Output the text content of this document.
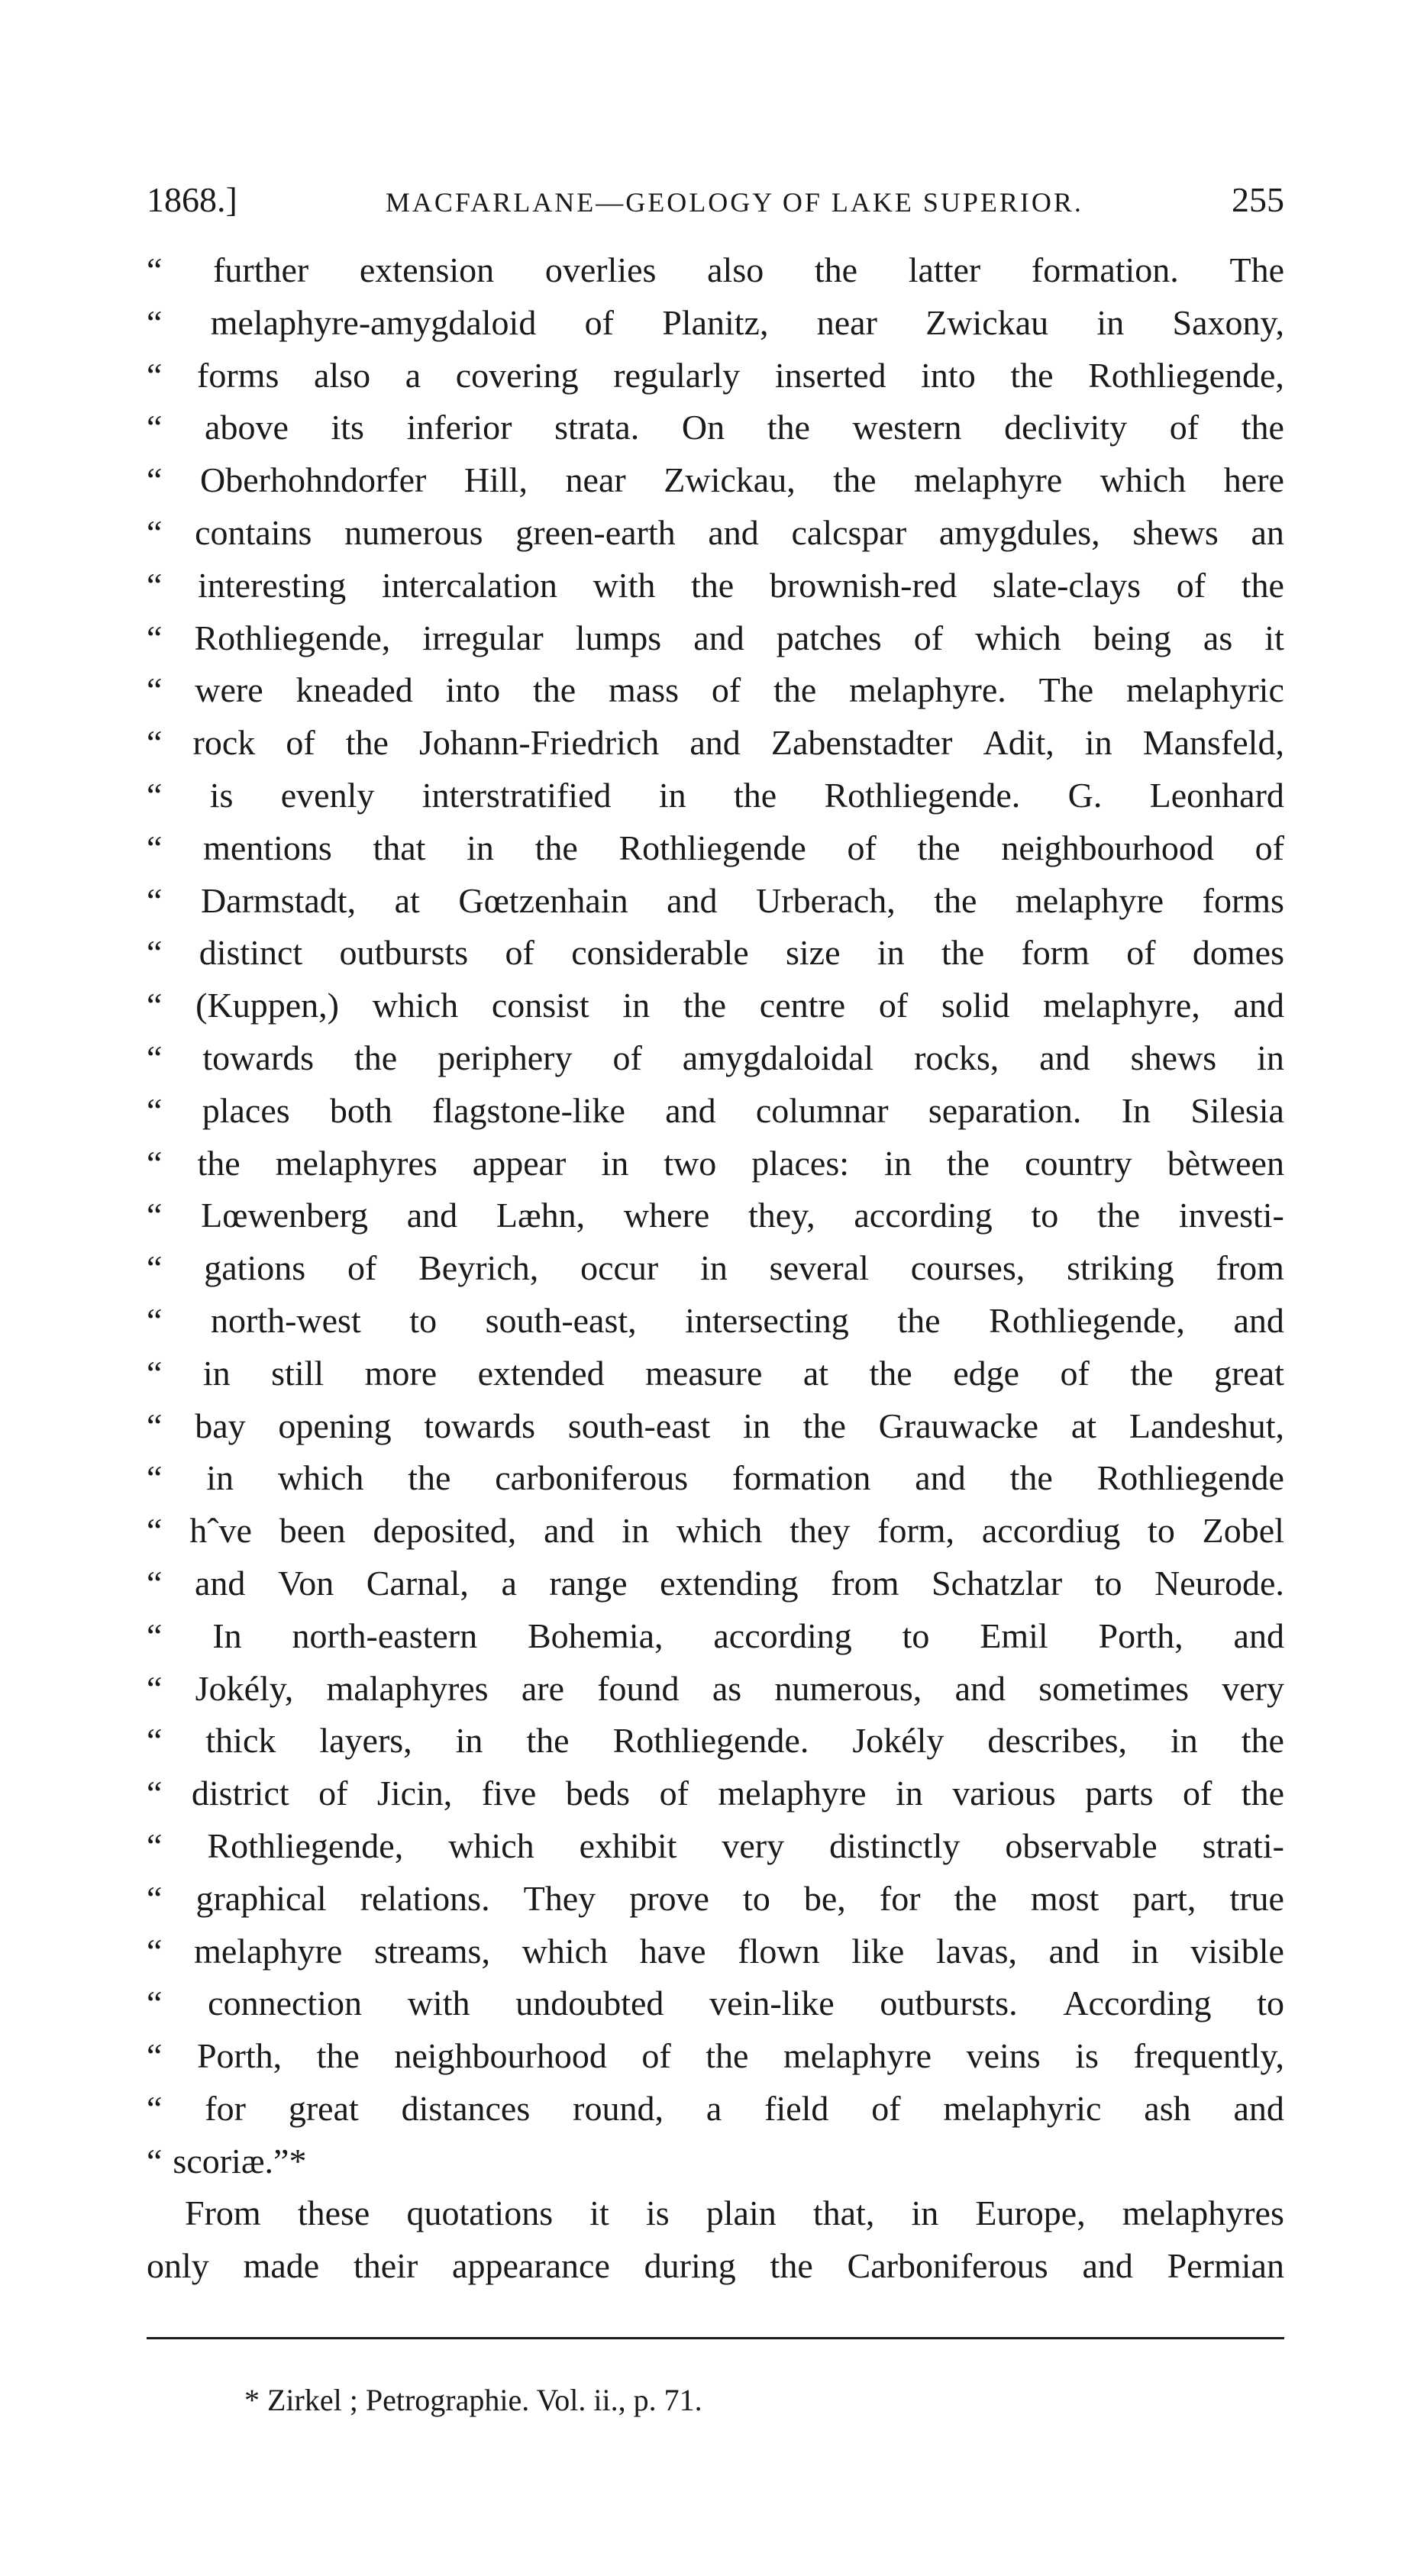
1868.]	MACFARLANE—GEOLOGY OF LAKE SUPERIOR.	255
“ further extension overlies also the latter formation. The
“ melaphyre-amygdaloid of Planitz, near Zwickau in Saxony,
“ forms also a covering regularly inserted into the Rothliegende,
“ above its inferior strata. On the western declivity of the
“ Oberhohndorfer Hill, near Zwickau, the melaphyre which here
“ contains numerous green-earth and calcspar amygdules, shews an
“ interesting intercalation with the brownish-red slate-clays of the
“ Rothliegende, irregular lumps and patches of which being as it
“ were kneaded into the mass of the melaphyre. The melaphyric
“ rock of the Johann-Friedrich and Zabenstadter Adit, in Mansfeld,
“ is evenly interstratified in the Rothliegende. G. Leonhard
“ mentions that in the Rothliegende of the neighbourhood of
“ Darmstadt, at Gœtzenhain and Urberach, the melaphyre forms
“ distinct outbursts of considerable size in the form of domes
“ (Kuppen,) which consist in the centre of solid melaphyre, and
“ towards the periphery of amygdaloidal rocks, and shews in
“ places both flagstone-like and columnar separation. In Silesia
“ the melaphyres appear in two places: in the country bètween
“ Lœwenberg and Læhn, where they, according to the investi-
“ gations of Beyrich, occur in several courses, striking from
“ north-west to south-east, intersecting the Rothliegende, and
“ in still more extended measure at the edge of the great
“ bay opening towards south-east in the Grauwacke at Landeshut,
“ in which the carboniferous formation and the Rothliegende
“ hˆve been deposited, and in which they form, accordiug to Zobel
“ and Von Carnal, a range extending from Schatzlar to Neurode.
“ In north-eastern Bohemia, according to Emil Porth, and
“ Jokély, malaphyres are found as numerous, and sometimes very
“ thick layers, in the Rothliegende. Jokély describes, in the
“ district of Jicin, five beds of melaphyre in various parts of the
“ Rothliegende, which exhibit very distinctly observable strati-
“ graphical relations. They prove to be, for the most part, true
“ melaphyre streams, which have flown like lavas, and in visible
“ connection with undoubted vein-like outbursts. According to
“ Porth, the neighbourhood of the melaphyre veins is frequently,
“ for great distances round, a field of melaphyric ash and
“ scoriæ.”*
From these quotations it is plain that, in Europe, melaphyres
only made their appearance during the Carboniferous and Permian
* Zirkel ; Petrographie. Vol. ii., p. 71.
